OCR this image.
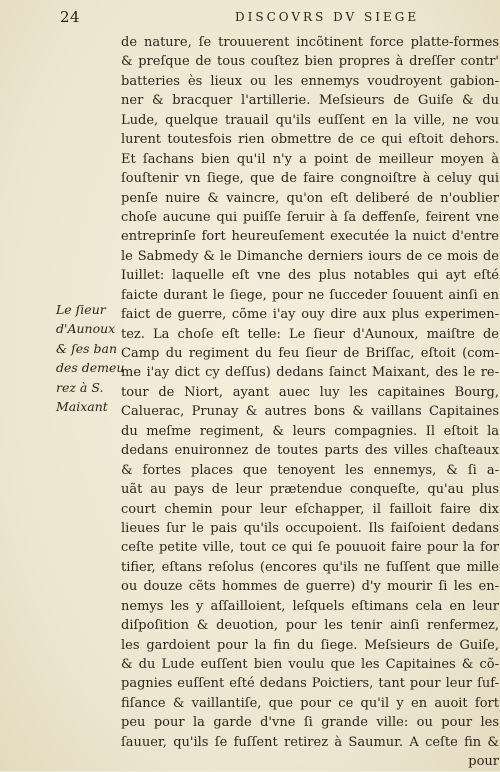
24	DISCOVRS DV SIEGE
Le ſieur
d'Aunoux
& ſes ban
des demeu
rez à S.
Maixant
de nature, ſe trouuerent incõtinent force platte-formes
& preſque de tous couſtez bien propres à dreſſer contr'
batteries ès lieux ou les ennemys voudroyent gabion-
ner & bracquer l'artillerie. Meſsieurs de Guiſe & du
Lude, quelque trauail qu'ils euſſent en la ville, ne vou
lurent toutesfois rien obmettre de ce qui eſtoit dehors.
Et ſachans bien qu'il n'y a point de meilleur moyen à
ſouſtenir vn ſiege, que de faire congnoiſtre à celuy qui
penſe nuire & vaincre, qu'on eſt deliberé de n'oublier
choſe aucune qui puiſſe ſeruir à ſa deffenſe, feirent vne
entreprinſe fort heureuſement executée la nuict d'entre
le Sabmedy & le Dimanche derniers iours de ce mois de
Iuillet: laquelle eſt vne des plus notables qui ayt eſté
faicte durant le ſiege, pour ne ſucceder ſouuent ainſi en
faict de guerre, cõme i'ay ouy dire aux plus experimen-
tez. La choſe eſt telle: Le ſieur d'Aunoux, maiſtre de
Camp du regiment du feu ſieur de Briſſac, eſtoit (com-
me i'ay dict cy deſſus) dedans ſainct Maixant, des le re-
tour de Niort, ayant auec luy les capitaines Bourg,
Caluerac, Prunay & autres bons & vaillans Capitaines
du meſme regiment, & leurs compagnies. Il eſtoit la
dedans enuironnez de toutes parts des villes chaſteaux
& fortes places que tenoyent les ennemys, & ſi a-
uãt au pays de leur prætendue conqueſte, qu'au plus
court chemin pour leur eſchapper, il failloit faire dix
lieues ſur le pais qu'ils occupoient. Ils faiſoient dedans
ceſte petite ville, tout ce qui ſe pouuoit faire pour la for
tifier, eſtans reſolus (encores qu'ils ne fuſſent que mille
ou douze cẽts hommes de guerre) d'y mourir ſi les en-
nemys les y aſſailloient, leſquels eſtimans cela en leur
diſpoſition & deuotion, pour les tenir ainſi renfermez,
les gardoient pour la fin du ſiege. Meſsieurs de Guiſe,
& du Lude euſſent bien voulu que les Capitaines & cõ-
pagnies euſſent eſté dedans Poictiers, tant pour leur ſuf-
fiſance & vaillantiſe, que pour ce qu'il y en auoit fort
peu pour la garde d'vne ſi grande ville: ou pour les
ſauuer, qu'ils ſe fuſſent retirez à Saumur. A ceſte fin &
pour
